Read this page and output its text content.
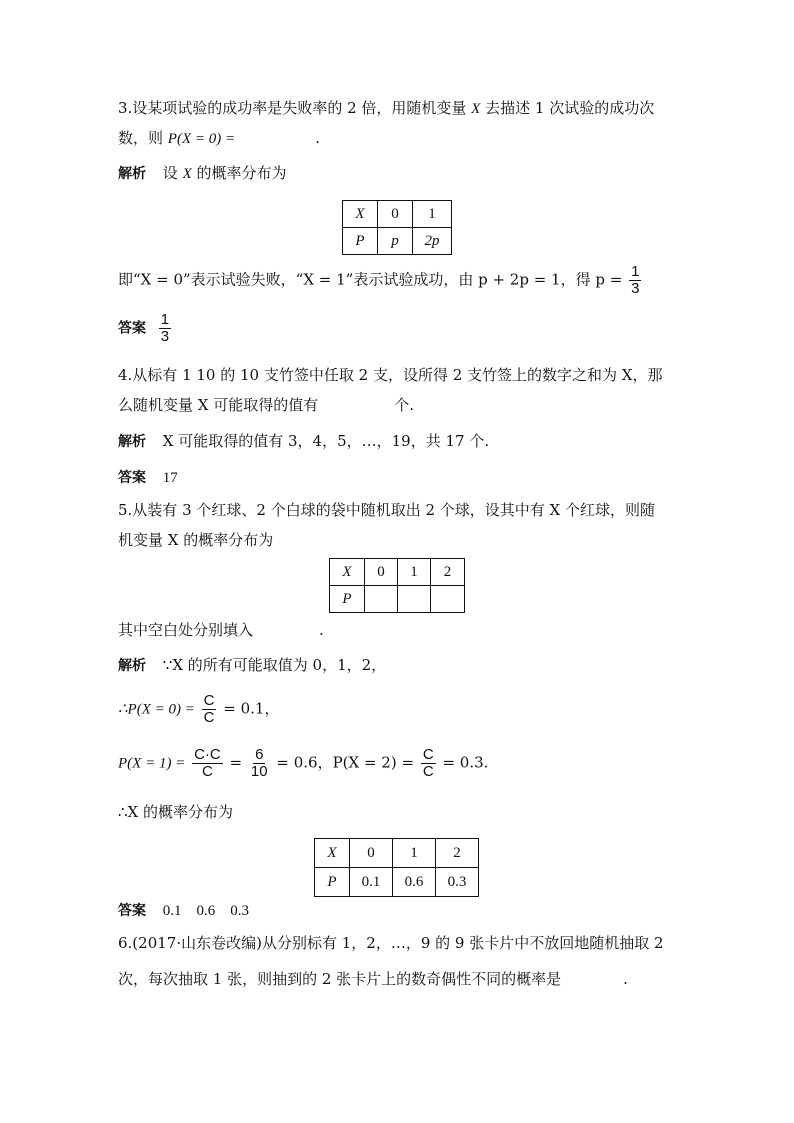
3.设某项试验的成功率是失败率的 2 倍，用随机变量 X 去描述 1 次试验的成功次
数，则 P(X = 0) =	.
解析 设 X 的概率分布为
X	0	1
P	p	2p
即“X = 0”表示试验失败，“X = 1”表示试验成功，由 p + 2p = 1，得 $p = \frac{1}{3}$
答案 $\frac{1}{3}$
4.从标有 1 10 的 10 支竹签中任取 2 支，设所得 2 支竹签上的数字之和为 X，那
么随机变量 X 可能取得的值有	个.
解析 X 可能取得的值有 3，4，5，…，19，共 17 个.
答案 17
5.从装有 3 个红球、2 个白球的袋中随机取出 2 个球，设其中有 X 个红球，则随
机变量 X 的概率分布为
X	0	1	2
P			
其中空白处分别填入	.
解析 ∵X 的所有可能取值为 0，1，2，
∴P(X = $0) = \frac{C}{C} = 0.1$，
$P(X = 1) = \frac{C\cdot C}{C} = \frac{6}{10} = 0.6$，$P(X = 2) = \frac{C}{C} = 0.3$.
∴X 的概率分布为
X	0	1	2
P	0.1	0.6	0.3
答案 0.1　0.6　0.3
6.(2017·山东卷改编)从分别标有 1，2，…，9 的 9 张卡片中不放回地随机抽取 2
次，每次抽取 1 张，则抽到的 2 张卡片上的数奇偶性不同的概率是	.
